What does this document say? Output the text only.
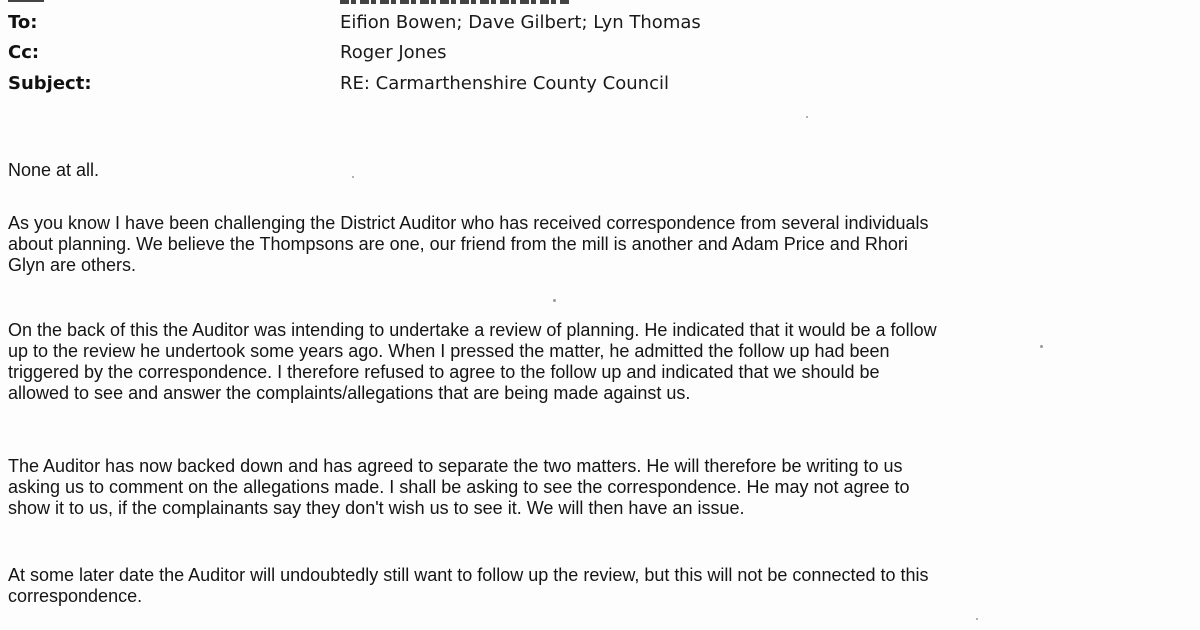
To:	Eifion Bowen; Dave Gilbert; Lyn Thomas
Cc:	Roger Jones
Subject:	RE: Carmarthenshire County Council

None at all.

As you know I have been challenging the District Auditor who has received correspondence from several individuals
about planning. We believe the Thompsons are one, our friend from the mill is another and Adam Price and Rhori
Glyn are others.

On the back of this the Auditor was intending to undertake a review of planning. He indicated that it would be a follow
up to the review he undertook some years ago. When I pressed the matter, he admitted the follow up had been
triggered by the correspondence. I therefore refused to agree to the follow up and indicated that we should be
allowed to see and answer the complaints/allegations that are being made against us.

The Auditor has now backed down and has agreed to separate the two matters. He will therefore be writing to us
asking us to comment on the allegations made. I shall be asking to see the correspondence. He may not agree to
show it to us, if the complainants say they don't wish us to see it. We will then have an issue.

At some later date the Auditor will undoubtedly still want to follow up the review, but this will not be connected to this
correspondence.
